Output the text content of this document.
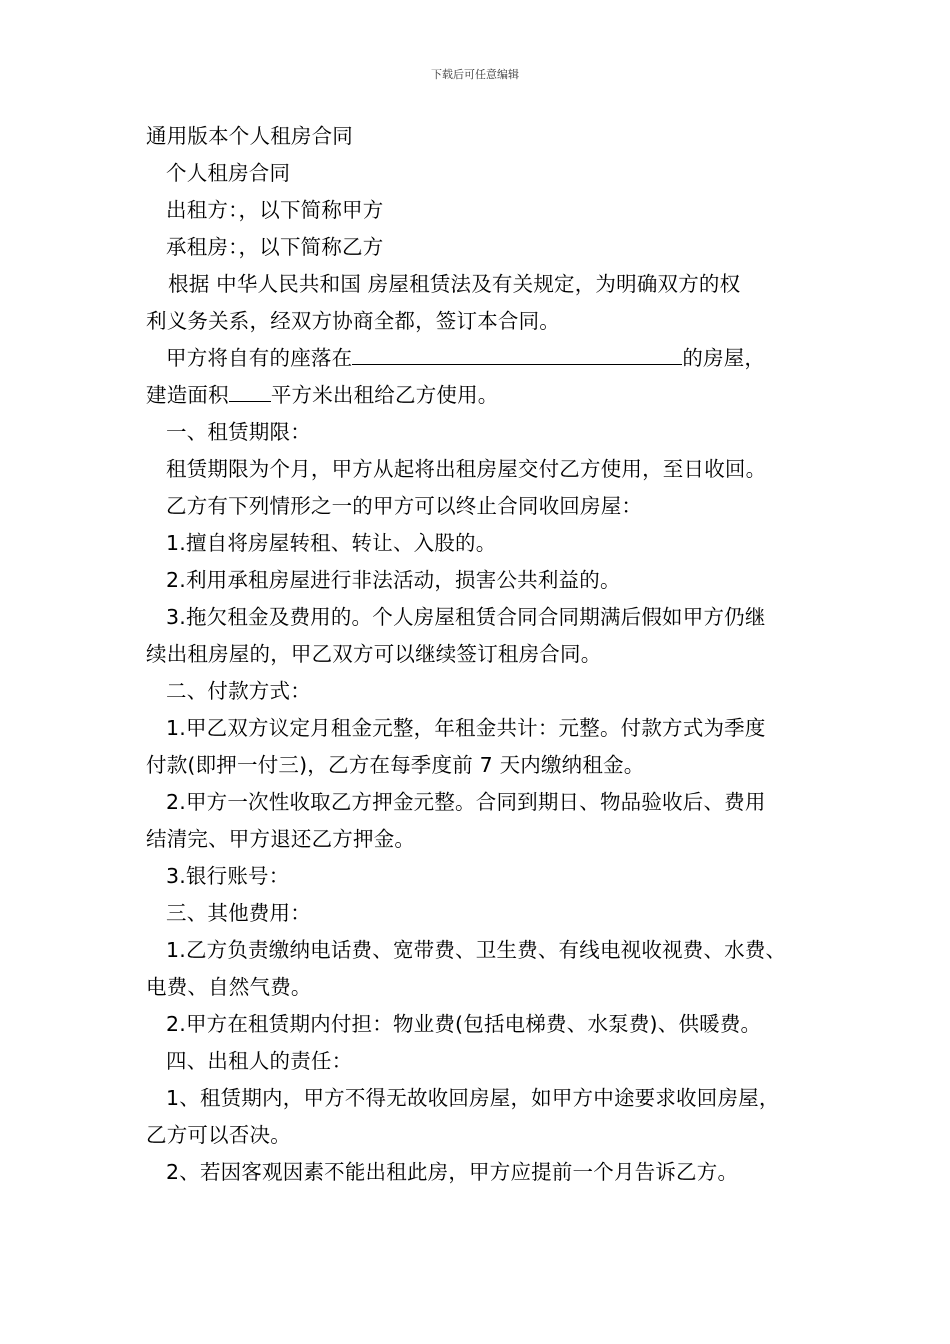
下载后可任意编辑
通用版本个人租房合同
个人租房合同
出租方：，以下简称甲方
承租房：，以下简称乙方
根据 中华人民共和国 房屋租赁法及有关规定，为明确双方的权
利义务关系，经双方协商全都，签订本合同。
甲方将自有的座落在	的房屋，
建造面积 平方米出租给乙方使用。
一、租赁期限：
租赁期限为个月，甲方从起将出租房屋交付乙方使用，至日收回。
乙方有下列情形之一的甲方可以终止合同收回房屋：
1.擅自将房屋转租、转让、入股的。
2.利用承租房屋进行非法活动，损害公共利益的。
3.拖欠租金及费用的。个人房屋租赁合同合同期满后假如甲方仍继
续出租房屋的，甲乙双方可以继续签订租房合同。
二、付款方式：
1.甲乙双方议定月租金元整，年租金共计：元整。付款方式为季度
付款(即押一付三)，乙方在每季度前 7 天内缴纳租金。
2.甲方一次性收取乙方押金元整。合同到期日、物品验收后、费用
结清完、甲方退还乙方押金。
3.银行账号：
三、其他费用：
1.乙方负责缴纳电话费、宽带费、卫生费、有线电视收视费、水费、
电费、自然气费。
2.甲方在租赁期内付担：物业费(包括电梯费、水泵费)、供暖费。
四、出租人的责任：
1、租赁期内，甲方不得无故收回房屋，如甲方中途要求收回房屋，
乙方可以否决。
2、若因客观因素不能出租此房，甲方应提前一个月告诉乙方。
